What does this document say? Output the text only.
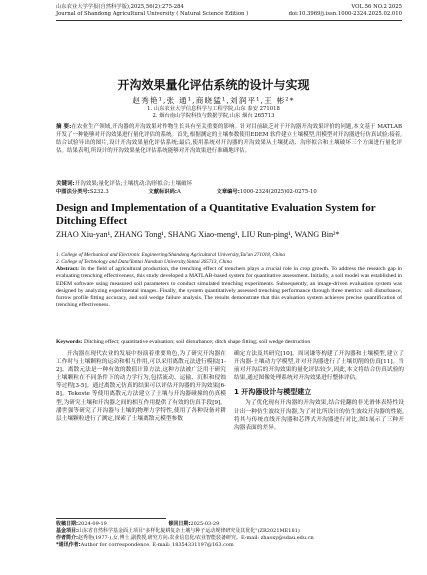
山东农业大学学报(自然科学版),2025,56(2):275-284
Journal of Shandong Agricultural University ( Natural Science Edition )
VOL.56 NO.2 2025
doi:10.3969/j.issn.1000-2324.2025.02.010
开沟效果量化评估系统的设计与实现
赵秀艳¹,张 通¹,商晓猛¹,刘润平¹,王 彬²*
1. 山东农业大学信息科学与工程学院,山东 泰安 271018
2. 烟台南山学院科技与数据学院,山东 烟台 265713
摘 要:在农业生产领域,开沟器的开沟效果对作物生长具有至关重要的影响。针对目前缺乏对于开沟器开沟效果评价的问题,本文基于 MATLAB 开发了一种能够对开沟效果进行量化评估的系统。首先,根据测定的土壤参数使用EDEM 软件建立土壤模型,用模型对开沟器进行仿真试验;接着,结合试验导出的图片,设计开沟效果量化评估系统;最后,使用系统对开沟器的开沟效果从土壤扰动、沟形拟合和土壤破坏三个方面进行量化评估。结果表明,所设计的开沟效果量化评估系统能够对开沟效果进行准确地评估。
关键词:开沟效果;量化评估;土壤扰动;沟形拟合;土壤破坏
中图法分类号:S232.3	文献标识码:A	文章编号:1000-2324(2025)02-0275-10
Design and Implementation of a Quantitative Evaluation System for Ditching Effect
ZHAO Xiu-yan¹, ZHANG Tong¹, SHANG Xiao-meng¹, LIU Run-ping¹, WANG Bin²*
1. College of Mechanical and Electronic Engineering/Shandong Agricultural University,Tai'an 271018, China
2. College of Technology and Data/Yantai Nanshan University,Yantai 265713, China
Abstract: In the field of agricultural production, the trenching effect of trenchers plays a crucial role in crop growth. To address the research gap in evaluating trenching effectiveness, this study developed a MATLAB-based system for quantitative assessment. Initially, a soil model was established in EDEM software using measured soil parameters to conduct simulated trenching experiments. Subsequently, an image-driven evaluation system was designed by analyzing experimental images. Finally, the system quantitatively assessed trenching performance through three metrics: soil disturbance, furrow profile fitting accuracy, and soil wedge failure analysis. The results demonstrate that this evaluation system achieves precise quantification of trenching effectiveness.
Keywords: Ditching effect; quantitative evaluation; soil disturbance; ditch shape fitting; soil wedge destruction
开沟器在现代农业的发展中扮演着重要角色,为了研究开沟器在工作时与土壤颗粒的运动和相互作用,可以采用离散元法进行模拟[1-2]。离散元法是一种有效的数值计算方法,这种方法被广泛用于研究土壤颗粒在不同条件下的动力学行为,包括流动、运输、沉积和侵蚀等过程[3-5]。通过离散元仿真的结果可以评估开沟器的开沟效果[6-8]。Tekeste 等使用离散元方法建立了土壤与开沟器碰撞的仿真模型,为研究土壤和开沟器之间的相互作用提供了有效的仿真手段[9]。潘世强等研究了开沟器与土壤的物理力学特性,使用了各种设备对耕层土壤颗粒进行了测定,探索了土壤离散元模型参数
确定方法及其研究[10]。周词谦等构建了开沟器和土壤模型,建立了开沟器-土壤动力学模型,并对开沟器进行了土壤切削的仿真[11]。当前对开沟后的开沟效果的量化评估较少,因此,本文将结合仿真试验的结果,通过图像处理系统对开沟效果进行整体评估。
1 开沟器设计与模型建立
为了优化现有开沟器的开沟效果,结合轮翻的非光滑体表特性设计出一种仿生波纹开沟器,为了对比所设计的仿生波纹开沟器的性能,将其与传统直线开沟器和芯铧式开沟器进行对比,图1展示了三种开沟器表面的差异。
收稿日期:2024-09-19	修回日期:2025-03-29
基金项目:山东省自然科学基金面上项目"多样化旋耕复杂土壤与种子运动规律研究及其优化"(ZR2021ME181)
作者简介:赵秀艳(1977-),女,博士,副教授,研究方向:农业信息化/农业智能装备研究。E-mail: zhaoxy@sdau.edu.cn
*通讯作者:Author for correspondence. E-mail: 18354331197@163.com
